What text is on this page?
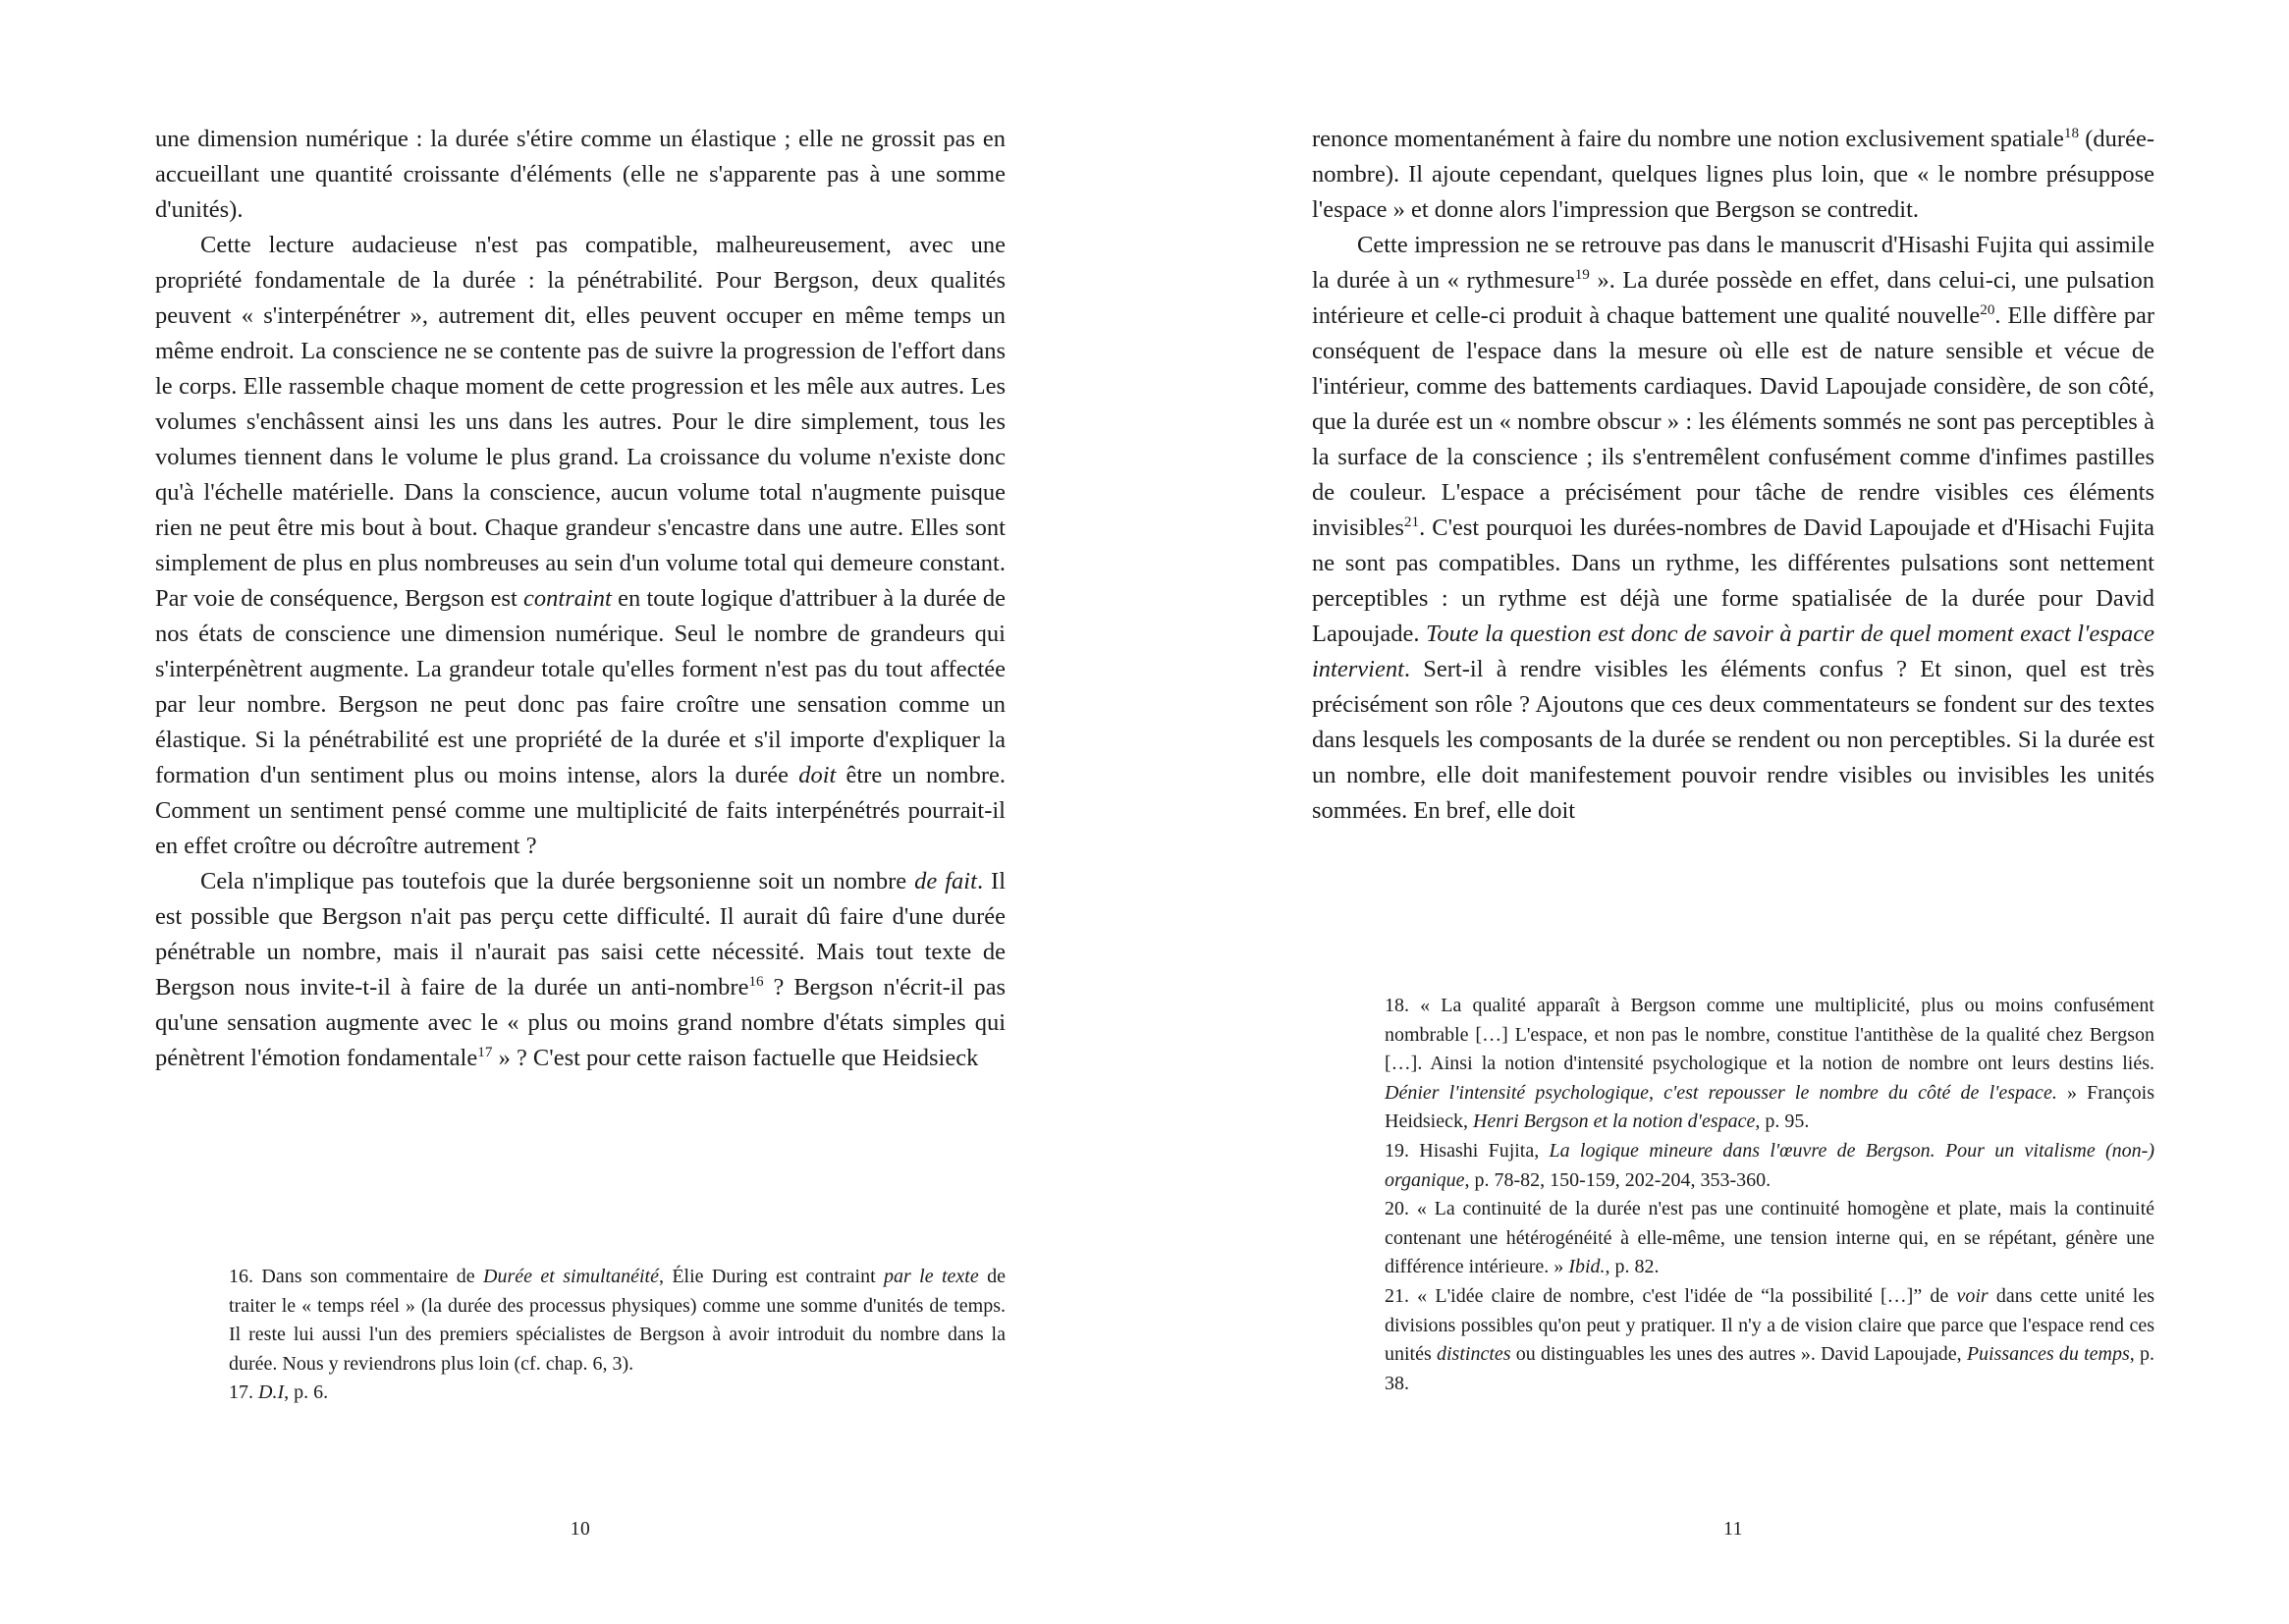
une dimension numérique : la durée s'étire comme un élastique ; elle ne grossit pas en accueillant une quantité croissante d'éléments (elle ne s'apparente pas à une somme d'unités).

Cette lecture audacieuse n'est pas compatible, malheureusement, avec une propriété fondamentale de la durée : la pénétrabilité. Pour Bergson, deux qualités peuvent « s'interpénétrer », autrement dit, elles peuvent occuper en même temps un même endroit. La conscience ne se contente pas de suivre la progression de l'effort dans le corps. Elle rassemble chaque moment de cette progression et les mêle aux autres. Les volumes s'enchâssent ainsi les uns dans les autres. Pour le dire simplement, tous les volumes tiennent dans le volume le plus grand. La croissance du volume n'existe donc qu'à l'échelle matérielle. Dans la conscience, aucun volume total n'augmente puisque rien ne peut être mis bout à bout. Chaque grandeur s'encastre dans une autre. Elles sont simplement de plus en plus nombreuses au sein d'un volume total qui demeure constant. Par voie de conséquence, Bergson est contraint en toute logique d'attribuer à la durée de nos états de conscience une dimension numérique. Seul le nombre de grandeurs qui s'interpénètrent augmente. La grandeur totale qu'elles forment n'est pas du tout affectée par leur nombre. Bergson ne peut donc pas faire croître une sensation comme un élastique. Si la pénétrabilité est une propriété de la durée et s'il importe d'expliquer la formation d'un sentiment plus ou moins intense, alors la durée doit être un nombre. Comment un sentiment pensé comme une multiplicité de faits interpénétrés pourrait-il en effet croître ou décroître autrement ?

Cela n'implique pas toutefois que la durée bergsonienne soit un nombre de fait. Il est possible que Bergson n'ait pas perçu cette difficulté. Il aurait dû faire d'une durée pénétrable un nombre, mais il n'aurait pas saisi cette nécessité. Mais tout texte de Bergson nous invite-t-il à faire de la durée un anti-nombre$^{16}$ ? Bergson n'écrit-il pas qu'une sensation augmente avec le « plus ou moins grand nombre d'états simples qui pénètrent l'émotion fondamentale$^{17}$ » ? C'est pour cette raison factuelle que Heidsieck

16. Dans son commentaire de Durée et simultanéité, Élie During est contraint par le texte de traiter le « temps réel » (la durée des processus physiques) comme une somme d'unités de temps. Il reste lui aussi l'un des premiers spécialistes de Bergson à avoir introduit du nombre dans la durée. Nous y reviendrons plus loin (cf. chap. 6, 3).

17. D.I, p. 6.

10

renonce momentanément à faire du nombre une notion exclusivement spatiale$^{18}$ (durée-nombre). Il ajoute cependant, quelques lignes plus loin, que « le nombre présuppose l'espace » et donne alors l'impression que Bergson se contredit.

Cette impression ne se retrouve pas dans le manuscrit d'Hisashi Fujita qui assimile la durée à un « rythmesure$^{19}$ ». La durée possède en effet, dans celui-ci, une pulsation intérieure et celle-ci produit à chaque battement une qualité nouvelle$^{20}$. Elle diffère par conséquent de l'espace dans la mesure où elle est de nature sensible et vécue de l'intérieur, comme des battements cardiaques. David Lapoujade considère, de son côté, que la durée est un « nombre obscur » : les éléments sommés ne sont pas perceptibles à la surface de la conscience ; ils s'entremêlent confusément comme d'infimes pastilles de couleur. L'espace a précisément pour tâche de rendre visibles ces éléments invisibles$^{21}$. C'est pourquoi les durées-nombres de David Lapoujade et d'Hisachi Fujita ne sont pas compatibles. Dans un rythme, les différentes pulsations sont nettement perceptibles : un rythme est déjà une forme spatialisée de la durée pour David Lapoujade. Toute la question est donc de savoir à partir de quel moment exact l'espace intervient. Sert-il à rendre visibles les éléments confus ? Et sinon, quel est très précisément son rôle ? Ajoutons que ces deux commentateurs se fondent sur des textes dans lesquels les composants de la durée se rendent ou non perceptibles. Si la durée est un nombre, elle doit manifestement pouvoir rendre visibles ou invisibles les unités sommées. En bref, elle doit

18. « La qualité apparaît à Bergson comme une multiplicité, plus ou moins confusément nombrable […] L'espace, et non pas le nombre, constitue l'antithèse de la qualité chez Bergson […]. Ainsi la notion d'intensité psychologique et la notion de nombre ont leurs destins liés. Dénier l'intensité psychologique, c'est repousser le nombre du côté de l'espace. » François Heidsieck, Henri Bergson et la notion d'espace, p. 95.

19. Hisashi Fujita, La logique mineure dans l'œuvre de Bergson. Pour un vitalisme (non-) organique, p. 78-82, 150-159, 202-204, 353-360.

20. « La continuité de la durée n'est pas une continuité homogène et plate, mais la continuité contenant une hétérogénéité à elle-même, une tension interne qui, en se répétant, génère une différence intérieure. » Ibid., p. 82.

21. « L'idée claire de nombre, c'est l'idée de “la possibilité […]” de voir dans cette unité les divisions possibles qu'on peut y pratiquer. Il n'y a de vision claire que parce que l'espace rend ces unités distinctes ou distinguables les unes des autres ». David Lapoujade, Puissances du temps, p. 38.

11
